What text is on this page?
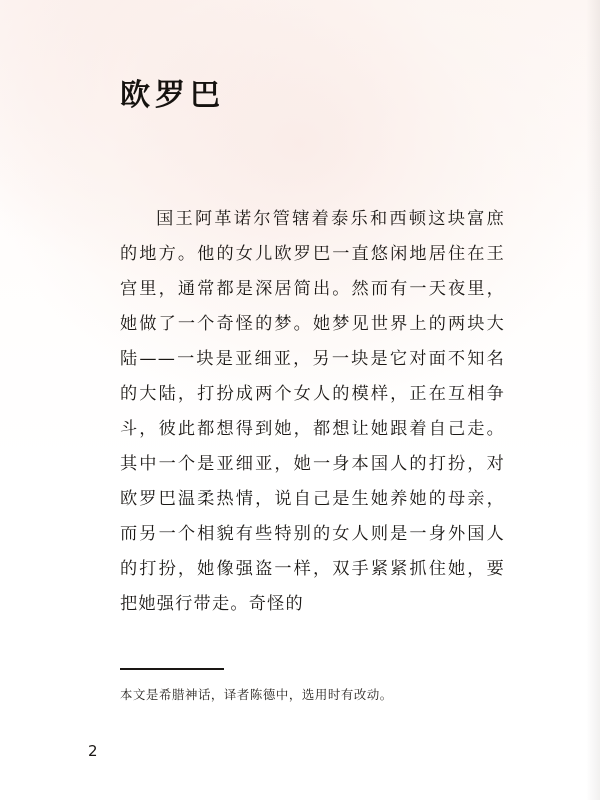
欧罗巴

国王阿革诺尔管辖着泰乐和西顿这块富庶的地方。他的女儿欧罗巴一直悠闲地居住在王宫里，通常都是深居简出。然而有一天夜里，她做了一个奇怪的梦。她梦见世界上的两块大陆——一块是亚细亚，另一块是它对面不知名的大陆，打扮成两个女人的模样，正在互相争斗，彼此都想得到她，都想让她跟着自己走。其中一个是亚细亚，她一身本国人的打扮，对欧罗巴温柔热情，说自己是生她养她的母亲，而另一个相貌有些特别的女人则是一身外国人的打扮，她像强盗一样，双手紧紧抓住她，要把她强行带走。奇怪的

本文是希腊神话，译者陈德中，选用时有改动。
2
